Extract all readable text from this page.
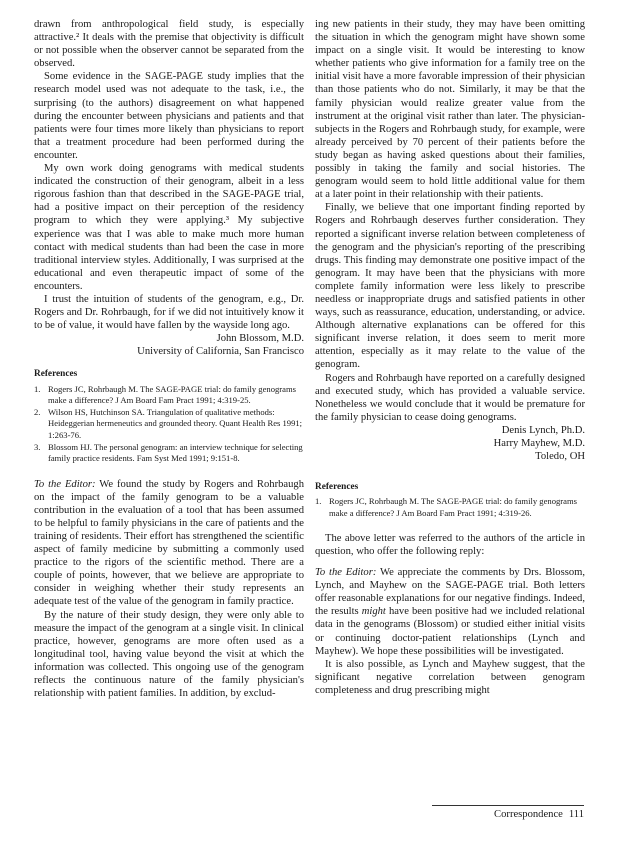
drawn from anthropological field study, is especially attractive.² It deals with the premise that objectivity is difficult or not possible when the observer cannot be separated from the observed.

Some evidence in the SAGE-PAGE study implies that the research model used was not adequate to the task, i.e., the surprising (to the authors) disagreement on what happened during the encounter between physicians and patients and that patients were four times more likely than physicians to report that a treatment procedure had been performed during the encounter.

My own work doing genograms with medical students indicated the construction of their genogram, albeit in a less rigorous fashion than that described in the SAGE-PAGE trial, had a positive impact on their perception of the residency program to which they were applying.³ My subjective experience was that I was able to make much more human contact with medical students than had been the case in more traditional interview styles. Additionally, I was surprised at the educational and even therapeutic impact of some of the encounters.

I trust the intuition of students of the genogram, e.g., Dr. Rogers and Dr. Rohrbaugh, for if we did not intuitively know it to be of value, it would have fallen by the wayside long ago.

John Blossom, M.D.

University of California, San Francisco

References
1. Rogers JC, Rohrbaugh M. The SAGE-PAGE trial: do family genograms make a difference? J Am Board Fam Pract 1991; 4:319-25.
2. Wilson HS, Hutchinson SA. Triangulation of qualitative methods: Heideggerian hermeneutics and grounded theory. Quant Health Res 1991; 1:263-76.
3. Blossom HJ. The personal genogram: an interview technique for selecting family practice residents. Fam Syst Med 1991; 9:151-8.

To the Editor: We found the study by Rogers and Rohrbaugh on the impact of the family genogram to be a valuable contribution in the evaluation of a tool that has been assumed to be helpful to family physicians in the care of patients and the training of residents. Their effort has strengthened the scientific aspect of family medicine by submitting a commonly used practice to the rigors of the scientific method. There are a couple of points, however, that we believe are appropriate to consider in weighing whether their study represents an adequate test of the value of the genogram in family practice.

By the nature of their study design, they were only able to measure the impact of the genogram at a single visit. In clinical practice, however, genograms are more often used as a longitudinal tool, having value beyond the visit at which the information was collected. This ongoing use of the genogram reflects the continuous nature of the family physician's relationship with patient families. In addition, by exclud-

ing new patients in their study, they may have been omitting the situation in which the genogram might have shown some impact on a single visit. It would be interesting to know whether patients who give information for a family tree on the initial visit have a more favorable impression of their physician than those patients who do not. Similarly, it may be that the family physician would realize greater value from the instrument at the original visit rather than later. The physician-subjects in the Rogers and Rohrbaugh study, for example, were already perceived by 70 percent of their patients before the study began as having asked questions about their families, possibly in taking the family and social histories. The genogram would seem to hold little additional value for them at a later point in their relationship with their patients.

Finally, we believe that one important finding reported by Rogers and Rohrbaugh deserves further consideration. They reported a significant inverse relation between completeness of the genogram and the physician's reporting of the prescribing drugs. This finding may demonstrate one positive impact of the genogram. It may have been that the physicians with more complete family information were less likely to prescribe needless or inappropriate drugs and satisfied patients in other ways, such as reassurance, education, understanding, or advice. Although alternative explanations can be offered for this significant inverse relation, it does seem to merit more attention, especially as it may relate to the value of the genogram.

Rogers and Rohrbaugh have reported on a carefully designed and executed study, which has provided a valuable service. Nonetheless we would conclude that it would be premature for the family physician to cease doing genograms.

Denis Lynch, Ph.D.

Harry Mayhew, M.D.

Toledo, OH

References
1. Rogers JC, Rohrbaugh M. The SAGE-PAGE trial: do family genograms make a difference? J Am Board Fam Pract 1991; 4:319-26.

The above letter was referred to the authors of the article in question, who offer the following reply:

To the Editor: We appreciate the comments by Drs. Blossom, Lynch, and Mayhew on the SAGE-PAGE trial. Both letters offer reasonable explanations for our negative findings. Indeed, the results might have been positive had we included relational data in the genograms (Blossom) or studied either initial visits or continuing doctor-patient relationships (Lynch and Mayhew). We hope these possibilities will be investigated.

It is also possible, as Lynch and Mayhew suggest, that the significant negative correlation between genogram completeness and drug prescribing might

Correspondence 111
